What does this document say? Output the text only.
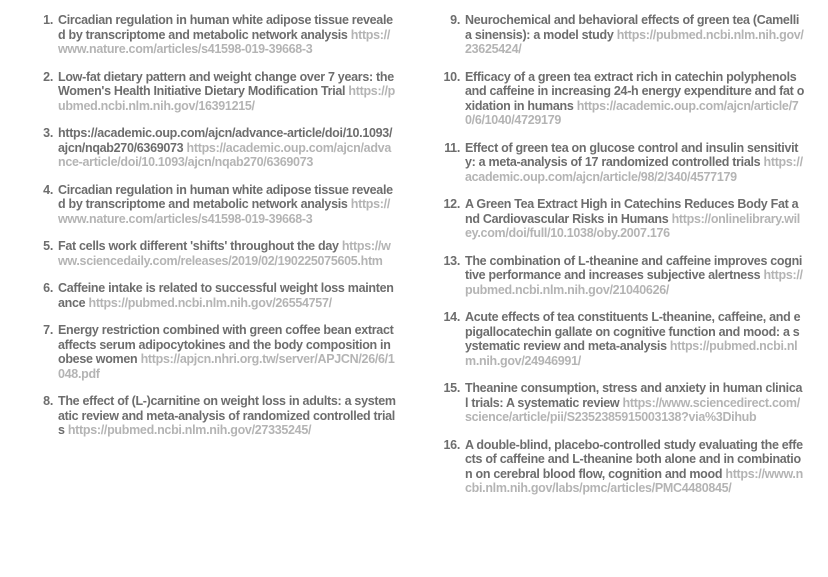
1. Circadian regulation in human white adipose tissue revealed by transcriptome and metabolic network analysis https://www.nature.com/articles/s41598-019-39668-3
2. Low-fat dietary pattern and weight change over 7 years: the Women's Health Initiative Dietary Modification Trial https://pubmed.ncbi.nlm.nih.gov/16391215/
3. https://academic.oup.com/ajcn/advance-article/doi/10.1093/ajcn/nqab270/6369073 https://academic.oup.com/ajcn/advance-article/doi/10.1093/ajcn/nqab270/6369073
4. Circadian regulation in human white adipose tissue revealed by transcriptome and metabolic network analysis https://www.nature.com/articles/s41598-019-39668-3
5. Fat cells work different 'shifts' throughout the day https://www.sciencedaily.com/releases/2019/02/190225075605.htm
6. Caffeine intake is related to successful weight loss maintenance https://pubmed.ncbi.nlm.nih.gov/26554757/
7. Energy restriction combined with green coffee bean extract affects serum adipocytokines and the body composition in obese women https://apjcn.nhri.org.tw/server/APJCN/26/6/1048.pdf
8. The effect of (L-)carnitine on weight loss in adults: a systematic review and meta-analysis of randomized controlled trials https://pubmed.ncbi.nlm.nih.gov/27335245/
9. Neurochemical and behavioral effects of green tea (Camellia sinensis): a model study https://pubmed.ncbi.nlm.nih.gov/23625424/
10. Efficacy of a green tea extract rich in catechin polyphenols and caffeine in increasing 24-h energy expenditure and fat oxidation in humans https://academic.oup.com/ajcn/article/70/6/1040/4729179
11. Effect of green tea on glucose control and insulin sensitivity: a meta-analysis of 17 randomized controlled trials https://academic.oup.com/ajcn/article/98/2/340/4577179
12. A Green Tea Extract High in Catechins Reduces Body Fat and Cardiovascular Risks in Humans https://onlinelibrary.wiley.com/doi/full/10.1038/oby.2007.176
13. The combination of L-theanine and caffeine improves cognitive performance and increases subjective alertness https://pubmed.ncbi.nlm.nih.gov/21040626/
14. Acute effects of tea constituents L-theanine, caffeine, and epigallocatechin gallate on cognitive function and mood: a systematic review and meta-analysis https://pubmed.ncbi.nlm.nih.gov/24946991/
15. Theanine consumption, stress and anxiety in human clinical trials: A systematic review https://www.sciencedirect.com/science/article/pii/S2352385915003138?via%3Dihub
16. A double-blind, placebo-controlled study evaluating the effects of caffeine and L-theanine both alone and in combination on cerebral blood flow, cognition and mood https://www.ncbi.nlm.nih.gov/labs/pmc/articles/PMC4480845/
